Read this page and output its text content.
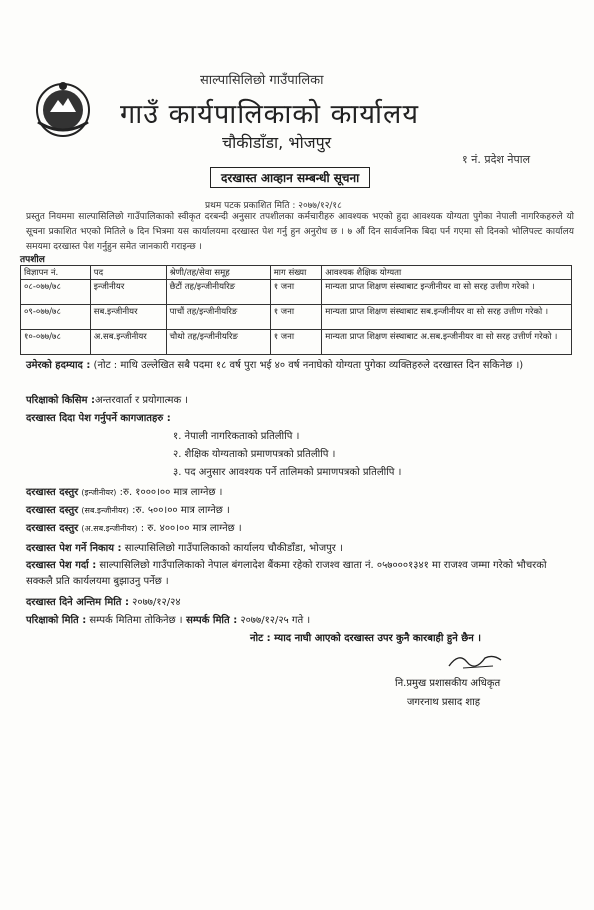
साल्पासिलिछो गाउँपालिका
गाउँ कार्यपालिकाको कार्यालय
चौकीडाँडा, भोजपुर
१ नं. प्रदेश नेपाल
दरखास्त आव्हान सम्बन्धी सूचना
प्रथम पटक प्रकाशित मिति : २०७७/१२/१८
प्रस्तुत नियममा साल्पासिलिछो गाउँपालिकाको स्वीकृत दरबन्दी अनुसार तपशीलका कर्मचारीहरु आवश्यक भएको हुदा आवश्यक योग्यता पुगेका नेपाली नागरिकहरुले यो सूचना प्रकाशित भएको मितिले ७ दिन भित्रमा यस कार्यालयमा दरखास्त पेश गर्नु हुन अनुरोध छ । ७ औं दिन सार्वजनिक बिदा पर्न गएमा सो दिनको भोलिपल्ट कार्यालय समयमा दरखास्त पेश गर्नुहुन समेत जानकारी गराइन्छ ।
तपशील
विज्ञापन नं.	पद	श्रेणी/तह/सेवा समूह	माग संख्या	आवश्यक शैक्षिक योग्यता
०८-०७७/७८	इन्जीनीयर	छैटौं तह/इन्जीनीयरिङ	१ जना	मान्यता प्राप्त शिक्षण संस्थाबाट इन्जीनीयर वा सो सरह उत्तीण गरेको ।
०९-०७७/७८	सब.इन्जीनीयर	पाचौं तह/इन्जीनीयरिङ	१ जना	मान्यता प्राप्त शिक्षण संस्थाबाट सब.इन्जीनीयर वा सो सरह उत्तीण गरेको ।
१०-०७७/७८	अ.सब.इन्जीनीयर	चौथो तह/इन्जीनीयरिङ	१ जना	मान्यता प्राप्त शिक्षण संस्थाबाट अ.सब.इन्जीनीयर वा सो सरह उत्तीर्ण गरेको ।
उमेरको हदम्याद : (नोट : माथि उल्लेखित सबै पदमा १८ वर्ष पुरा भई ४० वर्ष ननाघेको योग्यता पुगेका व्यक्तिहरुले दरखास्त दिन सकिनेछ ।)
परिक्षाको किसिम :अन्तरवार्ता र प्रयोगात्मक ।
दरखास्त दिदा पेश गर्नुपर्ने कागजातहरु :
१. नेपाली नागरिकताको प्रतिलीपि ।
२. शैक्षिक योग्यताको प्रमाणपत्रको प्रतिलीपि ।
३. पद अनुसार आवश्यक पर्ने तालिमको प्रमाणपत्रको प्रतिलीपि ।
दरखास्त दस्तुर (इन्जीनीयर) :रु. १०००।०० मात्र लाग्नेछ ।
दरखास्त दस्तुर (सब.इन्जीनीयर) :रु. ५००।०० मात्र लाग्नेछ ।
दरखास्त दस्तुर (अ.सब.इन्जीनीयर) : रु. ४००।०० मात्र लाग्नेछ ।
दरखास्त पेश गर्ने निकाय : साल्पासिलिछो गाउँपालिकाको कार्यालय चौकीडाँडा, भोजपुर ।
दरखास्त पेश गर्दा : साल्पासिलिछो गाउँपालिकाको नेपाल बंगलादेश बैंकमा रहेको राजश्व खाता नं. ०५७०००१३४१ मा राजश्व जम्मा गरेको भौचरको सक्कलै प्रति कार्यलयमा बुझाउनु पर्नेछ ।
दरखास्त दिने अन्तिम मिति : २०७७/१२/२४
परिक्षाको मिति : सम्पर्क मितिमा तोकिनेछ । सम्पर्क मिति : २०७७/१२/२५ गते ।
नोट : म्याद नाघी आएको दरखास्त उपर कुनै कारबाही हुने छैन ।
नि.प्रमुख प्रशासकीय अधिकृत
जगरनाथ प्रसाद शाह
